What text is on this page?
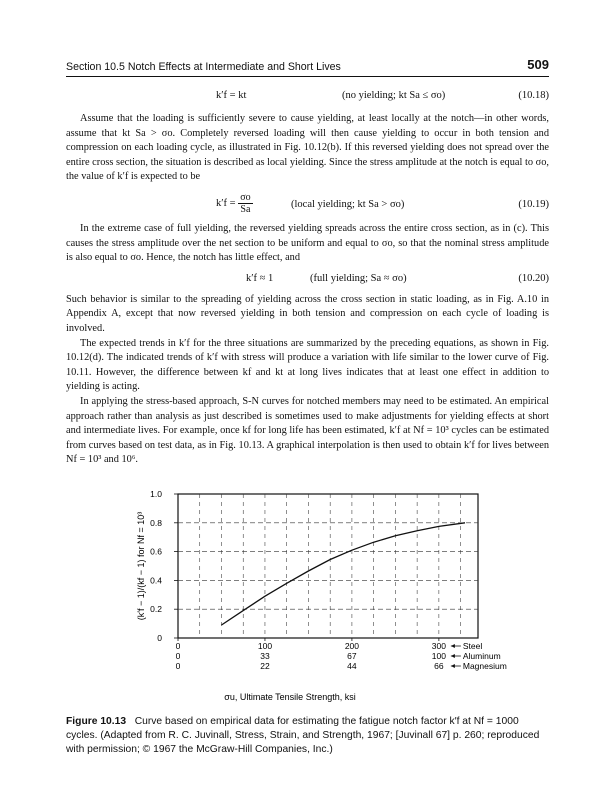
Section 10.5 Notch Effects at Intermediate and Short Lives	509
k′f = kt	(no yielding; kt Sa ≤ σo)	(10.18)

Assume that the loading is sufficiently severe to cause yielding, at least locally at the notch—in other words, assume that kt Sa > σo. Completely reversed loading will then cause yielding to occur in both tension and compression on each loading cycle, as illustrated in Fig. 10.12(b). If this reversed yielding does not spread over the entire cross section, the situation is described as local yielding. Since the stress amplitude at the notch is equal to σo, the value of k′f is expected to be

$k'f = \frac{\sigma o}{Sa}$	(local yielding; kt Sa > σo)	(10.19)

In the extreme case of full yielding, the reversed yielding spreads across the entire cross section, as in (c). This causes the stress amplitude over the net section to be uniform and equal to σo, so that the nominal stress amplitude is also equal to σo. Hence, the notch has little effect, and

k′f ≈ 1	(full yielding; Sa ≈ σo)	(10.20)

Such behavior is similar to the spreading of yielding across the cross section in static loading, as in Fig. A.10 in Appendix A, except that now reversed yielding in both tension and compression on each cycle of loading is involved.

The expected trends in k′f for the three situations are summarized by the preceding equations, as shown in Fig. 10.12(d). The indicated trends of k′f with stress will produce a variation with life similar to the lower curve of Fig. 10.11. However, the difference between kf and kt at long lives indicates that at least one effect in addition to yielding is acting.

In applying the stress-based approach, S-N curves for notched members may need to be estimated. An empirical approach rather than analysis as just described is sometimes used to make adjustments for yielding effects at short and intermediate lives. For example, once kf for long life has been estimated, k′f at Nf = 10³ cycles can be estimated from curves based on test data, as in Fig. 10.13. A graphical interpolation is then used to obtain k′f for lives between Nf = 10³ and 10⁶.

0
0.2
0.4
0.6
0.8
1.0
0	100	200	300 Steel
0	33	67	100 Aluminum
0	22	44	66 Magnesium
(k′f − 1)/(kf − 1) for Nf = 10³
σu, Ultimate Tensile Strength, ksi
Figure 10.13 Curve based on empirical data for estimating the fatigue notch factor k′f at Nf = 1000 cycles. (Adapted from R. C. Juvinall, Stress, Strain, and Strength, 1967; [Juvinall 67] p. 260; reproduced with permission; © 1967 the McGraw-Hill Companies, Inc.)
